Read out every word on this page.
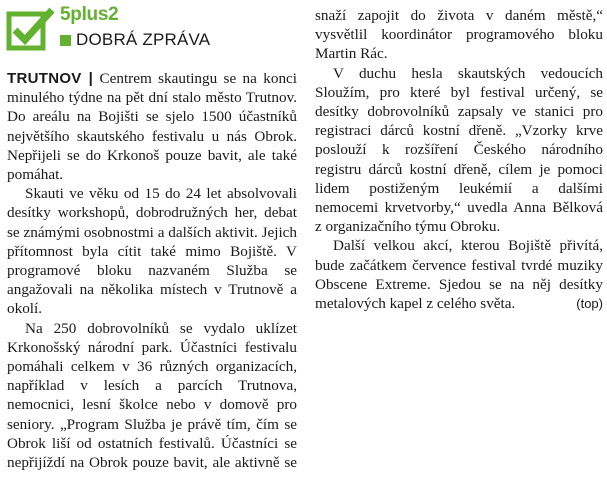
5plus2
DOBRÁ ZPRÁVA

TRUTNOV | Centrem skautingu se na konci minulého týdne na pět dní stalo město Trutnov. Do areálu na Bojišti se sjelo 1500 účastníků největšího skautského festivalu u nás Obrok. Nepřijeli se do Krkonoš pouze bavit, ale také pomáhat.

Skauti ve věku od 15 do 24 let absolvovali desítky workshopů, dobrodružných her, debat se známými osobnostmi a dalších aktivit. Jejich přítomnost byla cítit také mimo Bojiště. V programové bloku nazvaném Služba se angažovali na několika místech v Trutnově a okolí.

Na 250 dobrovolníků se vydalo uklízet Krkonošský národní park. Účastníci festivalu pomáhali celkem v 36 různých organizacích, například v lesích a parcích Trutnova, nemocnici, lesní školce nebo v domově pro seniory. „Program Služba je právě tím, čím se Obrok liší od ostatních festivalů. Účastníci se nepřijíždí na Obrok pouze bavit, ale aktivně se

snaží zapojit do života v daném městě,“ vysvětlil koordinátor programového bloku Martin Rác.

V duchu hesla skautských vedoucích Sloužím, pro které byl festival určený, se desítky dobrovolníků zapsaly ve stanici pro registraci dárců kostní dřeně. „Vzorky krve poslouží k rozšíření Českého národního registru dárců kostní dřeně, cílem je pomoci lidem postiženým leukémií a dalšími nemocemi krvetvorby,“ uvedla Anna Bělková z organizačního týmu Obroku.

Další velkou akcí, kterou Bojiště přivítá, bude začátkem července festival tvrdé muziky Obscene Extreme. Sjedou se na něj desítky metalových kapel z celého světa.	(top)
